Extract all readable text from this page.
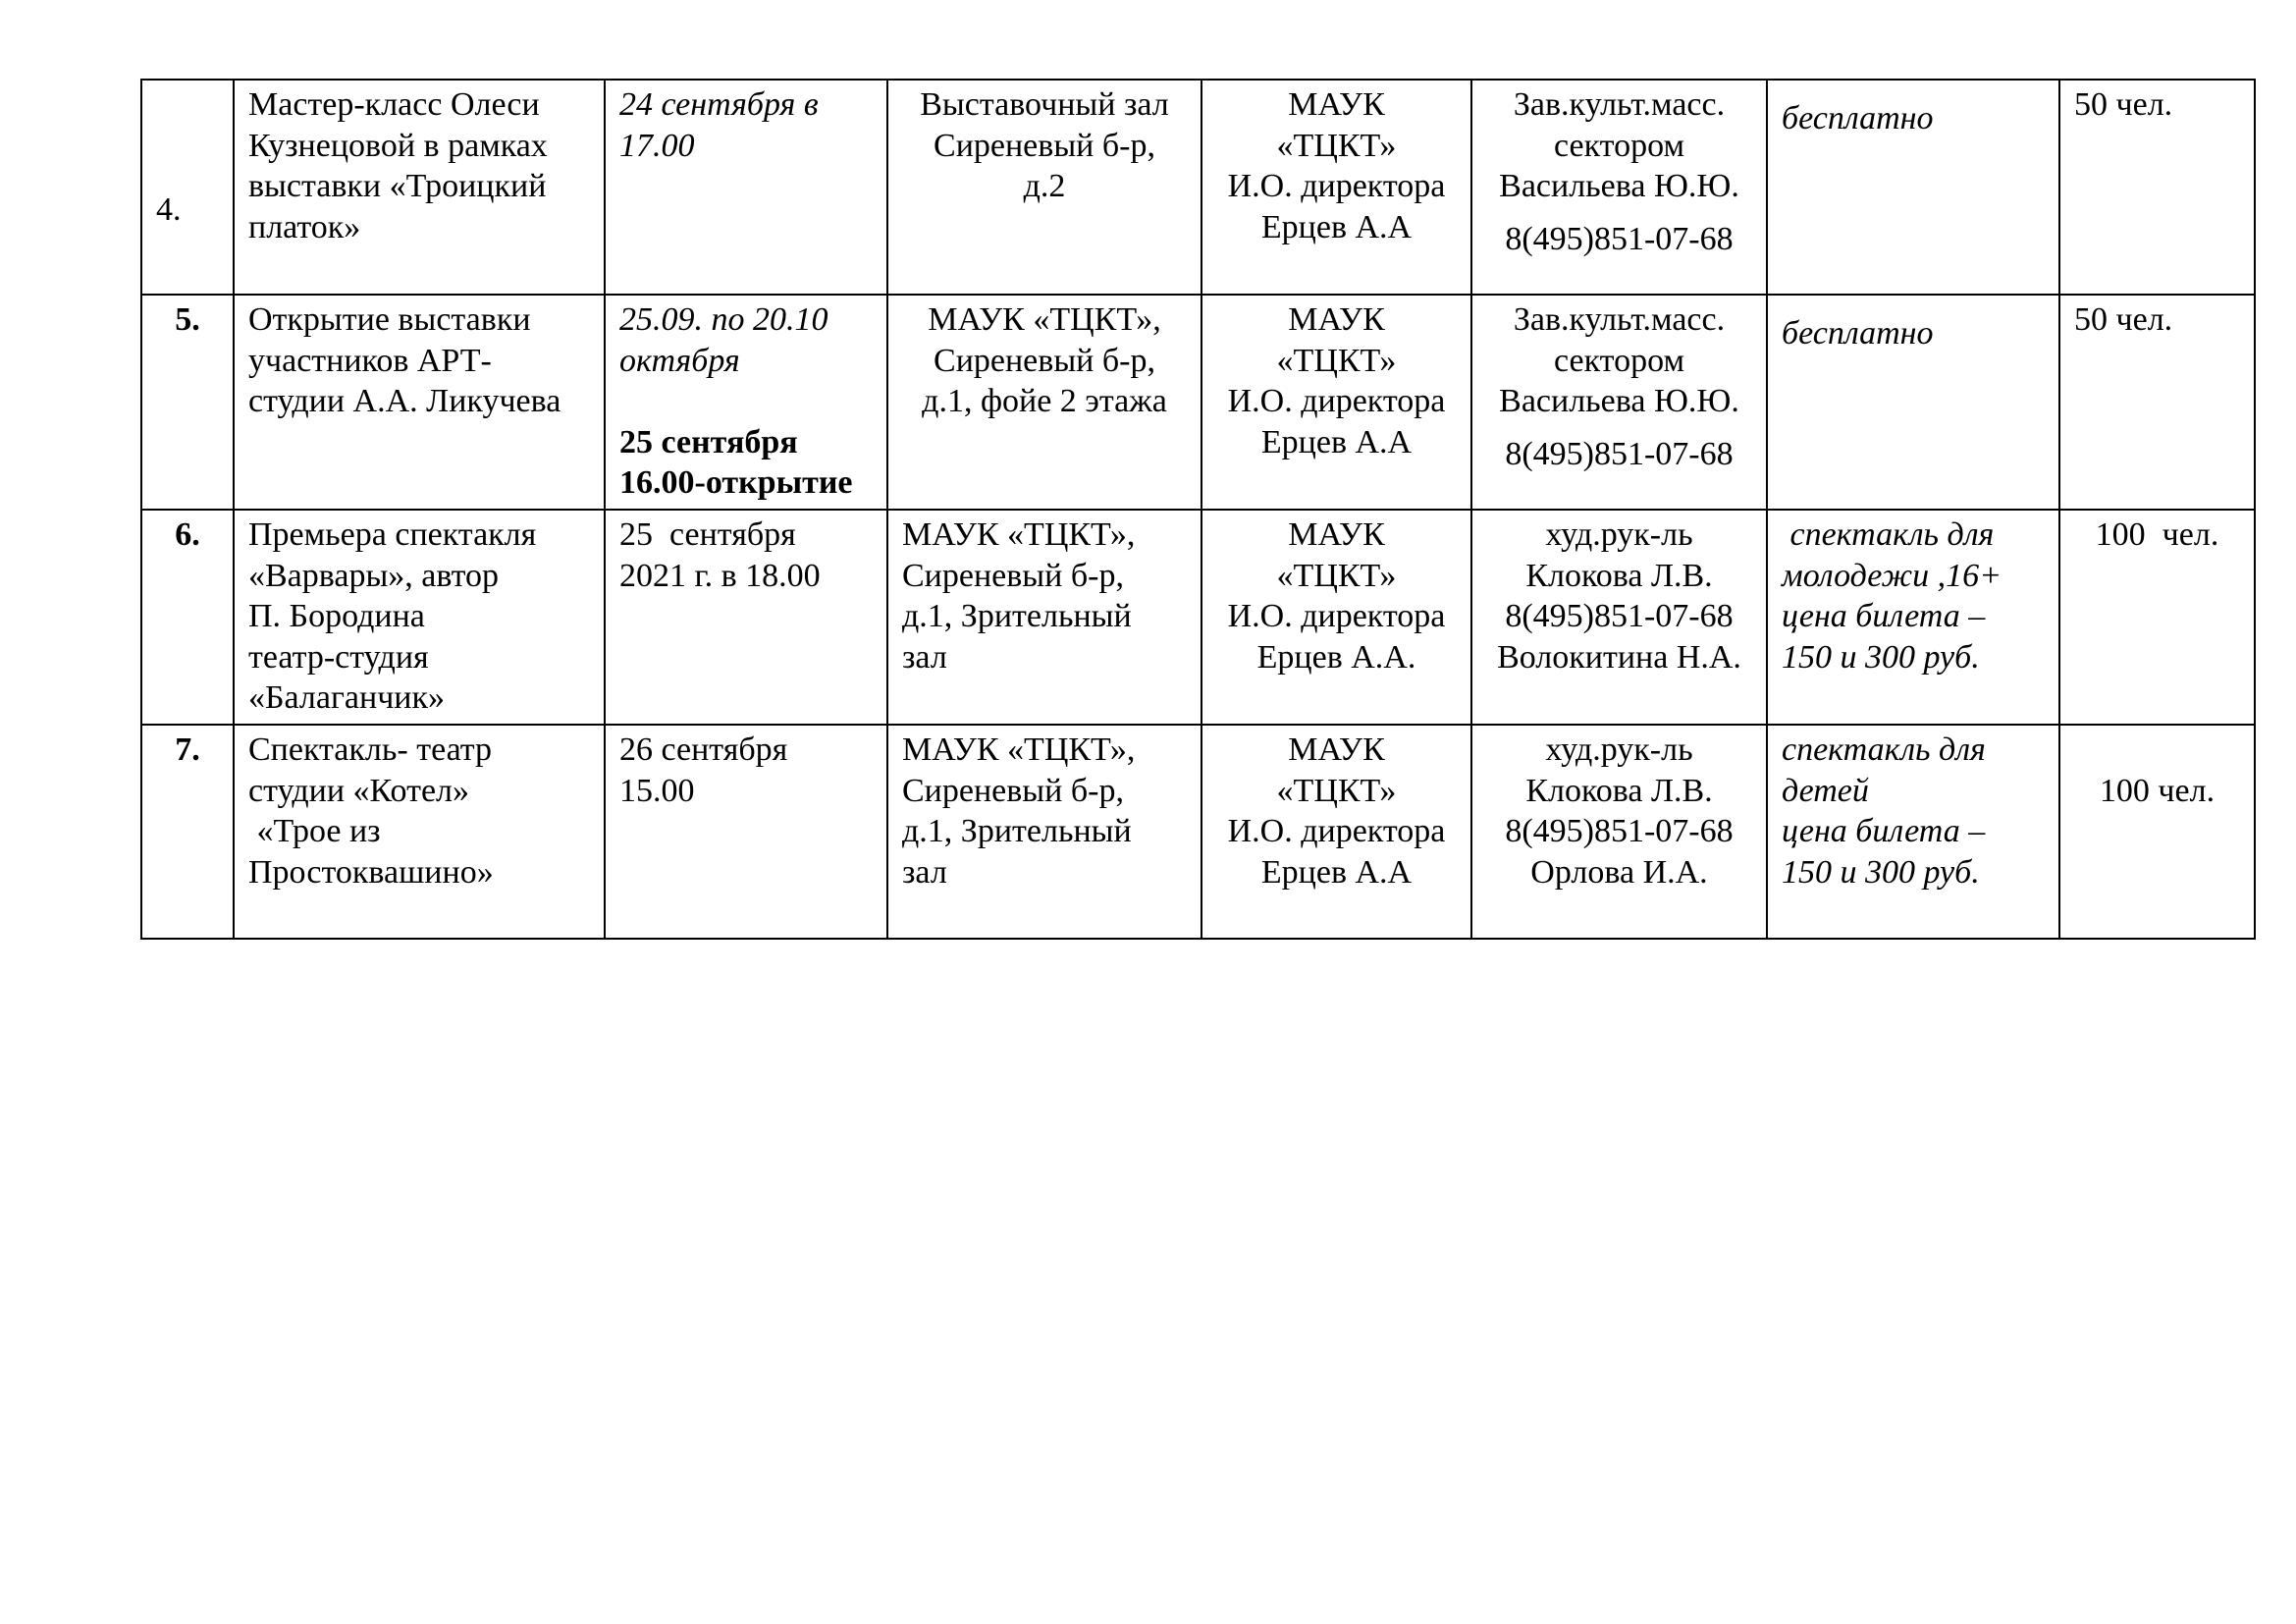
4.	Мастер-класс Олеси
Кузнецовой в рамках
выставки «Троицкий
платок»	24 сентября в
17.00	Выставочный зал
Сиреневый б-р,
д.2	МАУК
«ТЦКТ»
И.О. директора
Ерцев А.А	Зав.культ.масс.
сектором
Васильева Ю.Ю.
8(495)851-07-68	бесплатно	50 чел.

5.	Открытие выставки
участников АРТ-
студии А.А. Ликучева	25.09. по 20.10
октября
25 сентября
16.00-открытие	МАУК «ТЦКТ»,
Сиреневый б-р,
д.1, фойе 2 этажа	МАУК
«ТЦКТ»
И.О. директора
Ерцев А.А	Зав.культ.масс.
сектором
Васильева Ю.Ю.
8(495)851-07-68	бесплатно	50 чел.

6.	Премьера спектакля
«Варвары», автор
П. Бородина
театр-студия
«Балаганчик»	25  сентября
2021 г. в 18.00	МАУК «ТЦКТ»,
Сиреневый б-р,
д.1, Зрительный
зал	МАУК
«ТЦКТ»
И.О. директора
Ерцев А.А.	худ.рук-ль
Клокова Л.В.
8(495)851-07-68
Волокитина Н.А.	спектакль для
молодежи ,16+
цена билета –
150 и 300 руб.	100  чел.

7.	Спектакль- театр
студии «Котел»
«Трое из
Простоквашино»	26 сентября
15.00	МАУК «ТЦКТ»,
Сиреневый б-р,
д.1, Зрительный
зал	МАУК
«ТЦКТ»
И.О. директора
Ерцев А.А	худ.рук-ль
Клокова Л.В.
8(495)851-07-68
Орлова И.А.	спектакль для
детей
цена билета –
150 и 300 руб.	100 чел.
